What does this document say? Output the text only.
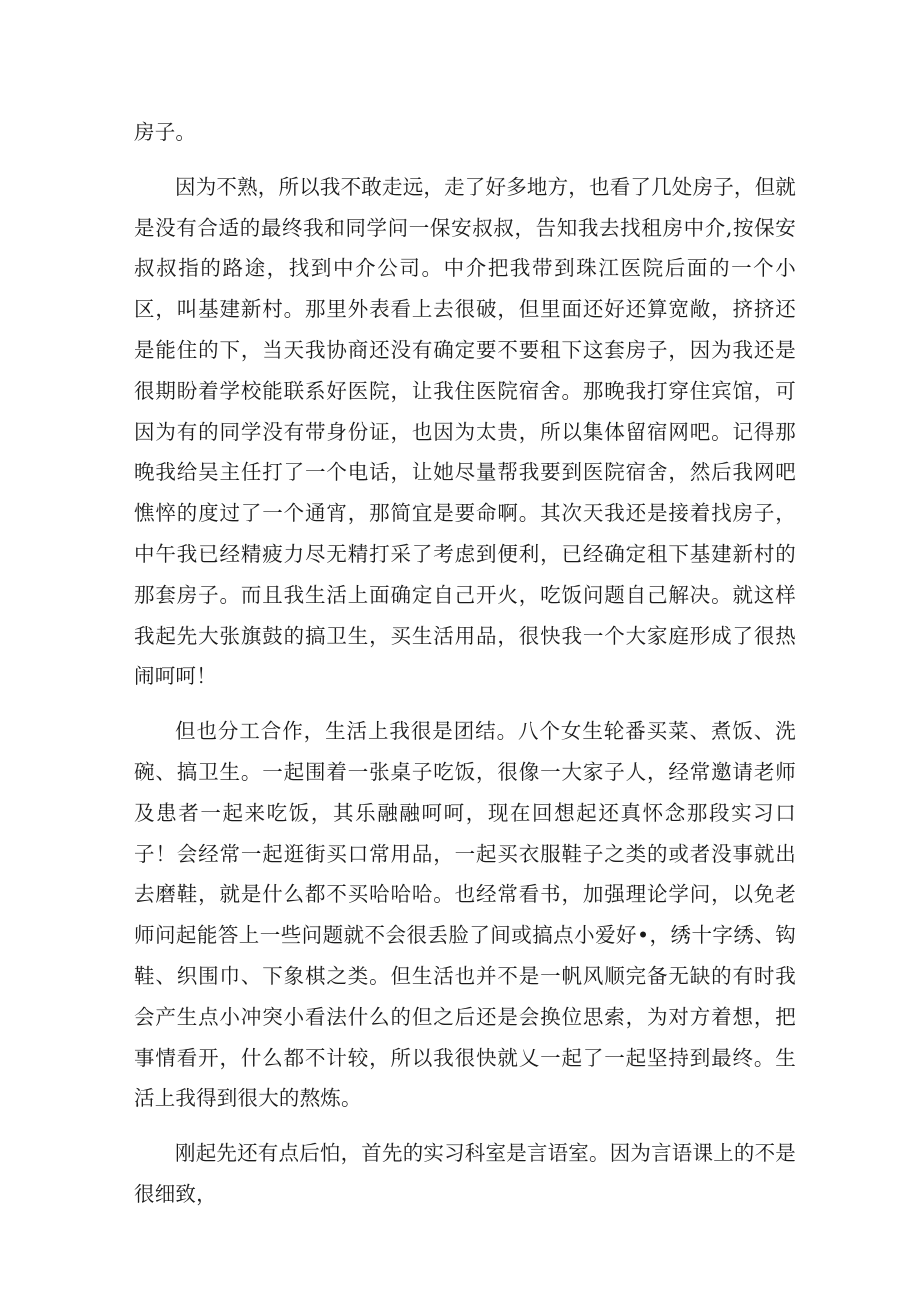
房子。

因为不熟，所以我不敢走远，走了好多地方，也看了几处房子，但就是没有合适的最终我和同学问一保安叔叔，告知我去找租房中介,按保安叔叔指的路途，找到中介公司。中介把我带到珠江医院后面的一个小区，叫基建新村。那里外表看上去很破，但里面还好还算宽敞，挤挤还是能住的下，当天我协商还没有确定要不要租下这套房子，因为我还是很期盼着学校能联系好医院，让我住医院宿舍。那晚我打穿住宾馆，可因为有的同学没有带身份证，也因为太贵，所以集体留宿网吧。记得那晚我给吴主任打了一个电话，让她尽量帮我要到医院宿舍，然后我网吧憔悴的度过了一个通宵，那简宜是要命啊。其次天我还是接着找房子，中午我已经精疲力尽无精打采了考虑到便利，已经确定租下基建新村的那套房子。而且我生活上面确定自己开火，吃饭问题自己解决。就这样我起先大张旗鼓的搞卫生，买生活用品，很快我一个大家庭形成了很热闹呵呵！

但也分工合作，生活上我很是团结。八个女生轮番买菜、煮饭、洗碗、搞卫生。一起围着一张桌子吃饭，很像一大家子人，经常邀请老师及患者一起来吃饭，其乐融融呵呵，现在回想起还真怀念那段实习口子！会经常一起逛街买口常用品，一起买衣服鞋子之类的或者没事就出去磨鞋，就是什么都不买哈哈哈。也经常看书，加强理论学问，以免老师问起能答上一些问题就不会很丢脸了间或搞点小爱好•，绣十字绣、钩鞋、织围巾、下象棋之类。但生活也并不是一帆风顺完备无缺的有时我会产生点小冲突小看法什么的但之后还是会换位思索，为对方着想，把事情看开，什么都不计较，所以我很快就乂一起了一起坚持到最终。生活上我得到很大的熬炼。

刚起先还有点后怕，首先的实习科室是言语室。因为言语课上的不是很细致，
